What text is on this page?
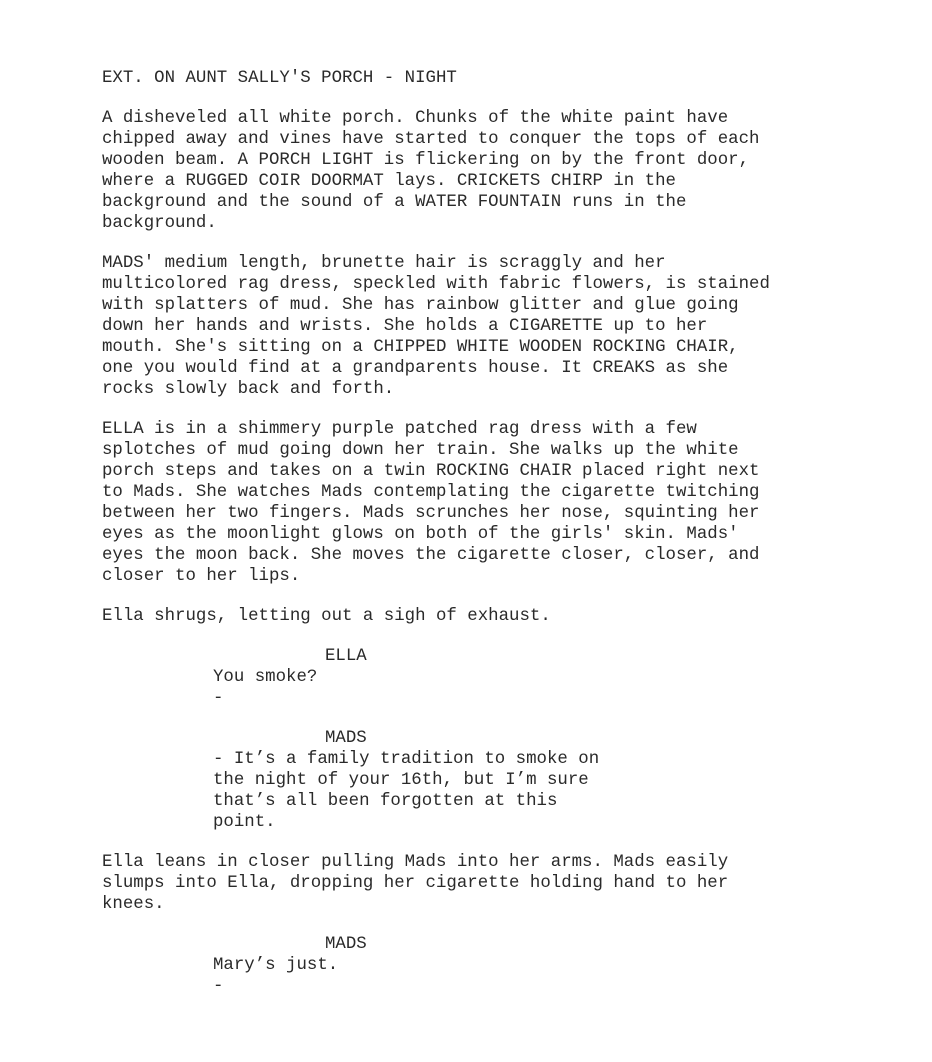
EXT. ON AUNT SALLY'S PORCH - NIGHT
A disheveled all white porch. Chunks of the white paint have
chipped away and vines have started to conquer the tops of each
wooden beam. A PORCH LIGHT is flickering on by the front door,
where a RUGGED COIR DOORMAT lays. CRICKETS CHIRP in the
background and the sound of a WATER FOUNTAIN runs in the
background.
MADS' medium length, brunette hair is scraggly and her
multicolored rag dress, speckled with fabric flowers, is stained
with splatters of mud. She has rainbow glitter and glue going
down her hands and wrists. She holds a CIGARETTE up to her
mouth. She's sitting on a CHIPPED WHITE WOODEN ROCKING CHAIR,
one you would find at a grandparents house. It CREAKS as she
rocks slowly back and forth.
ELLA is in a shimmery purple patched rag dress with a few
splotches of mud going down her train. She walks up the white
porch steps and takes on a twin ROCKING CHAIR placed right next
to Mads. She watches Mads contemplating the cigarette twitching
between her two fingers. Mads scrunches her nose, squinting her
eyes as the moonlight glows on both of the girls' skin. Mads'
eyes the moon back. She moves the cigarette closer, closer, and
closer to her lips.
Ella shrugs, letting out a sigh of exhaust.
ELLA
You smoke?
-
MADS
- It’s a family tradition to smoke on
the night of your 16th, but I’m sure
that’s all been forgotten at this
point.
Ella leans in closer pulling Mads into her arms. Mads easily
slumps into Ella, dropping her cigarette holding hand to her
knees.
MADS
Mary’s just.
-
